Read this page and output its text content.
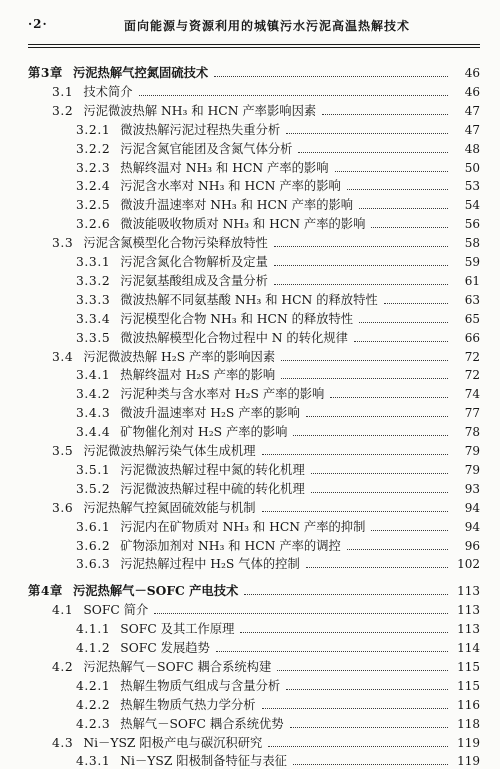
·2·	面向能源与资源利用的城镇污水污泥高温热解技术
第3章 污泥热解气控氮固硫技术	46
3.1 技术简介	46
3.2 污泥微波热解 NH₃ 和 HCN 产率影响因素	47
3.2.1 微波热解污泥过程热失重分析	47
3.2.2 污泥含氮官能团及含氮气体分析	48
3.2.3 热解终温对 NH₃ 和 HCN 产率的影响	50
3.2.4 污泥含水率对 NH₃ 和 HCN 产率的影响	53
3.2.5 微波升温速率对 NH₃ 和 HCN 产率的影响	54
3.2.6 微波能吸收物质对 NH₃ 和 HCN 产率的影响	56
3.3 污泥含氮模型化合物污染释放特性	58
3.3.1 污泥含氮化合物解析及定量	59
3.3.2 污泥氨基酸组成及含量分析	61
3.3.3 微波热解不同氨基酸 NH₃ 和 HCN 的释放特性	63
3.3.4 污泥模型化合物 NH₃ 和 HCN 的释放特性	65
3.3.5 微波热解模型化合物过程中 N 的转化规律	66
3.4 污泥微波热解 H₂S 产率的影响因素	72
3.4.1 热解终温对 H₂S 产率的影响	72
3.4.2 污泥种类与含水率对 H₂S 产率的影响	74
3.4.3 微波升温速率对 H₂S 产率的影响	77
3.4.4 矿物催化剂对 H₂S 产率的影响	78
3.5 污泥微波热解污染气体生成机理	79
3.5.1 污泥微波热解过程中氮的转化机理	79
3.5.2 污泥微波热解过程中硫的转化机理	93
3.6 污泥热解气控氮固硫效能与机制	94
3.6.1 污泥内在矿物质对 NH₃ 和 HCN 产率的抑制	94
3.6.2 矿物添加剂对 NH₃ 和 HCN 产率的调控	96
3.6.3 污泥热解过程中 H₂S 气体的控制	102
第4章 污泥热解气－SOFC 产电技术	113
4.1 SOFC 简介	113
4.1.1 SOFC 及其工作原理	113
4.1.2 SOFC 发展趋势	114
4.2 污泥热解气－SOFC 耦合系统构建	115
4.2.1 热解生物质气组成与含量分析	115
4.2.2 热解生物质气热力学分析	116
4.2.3 热解气－SOFC 耦合系统优势	118
4.3 Ni－YSZ 阳极产电与碳沉积研究	119
4.3.1 Ni－YSZ 阳极制备特征与表征	119
